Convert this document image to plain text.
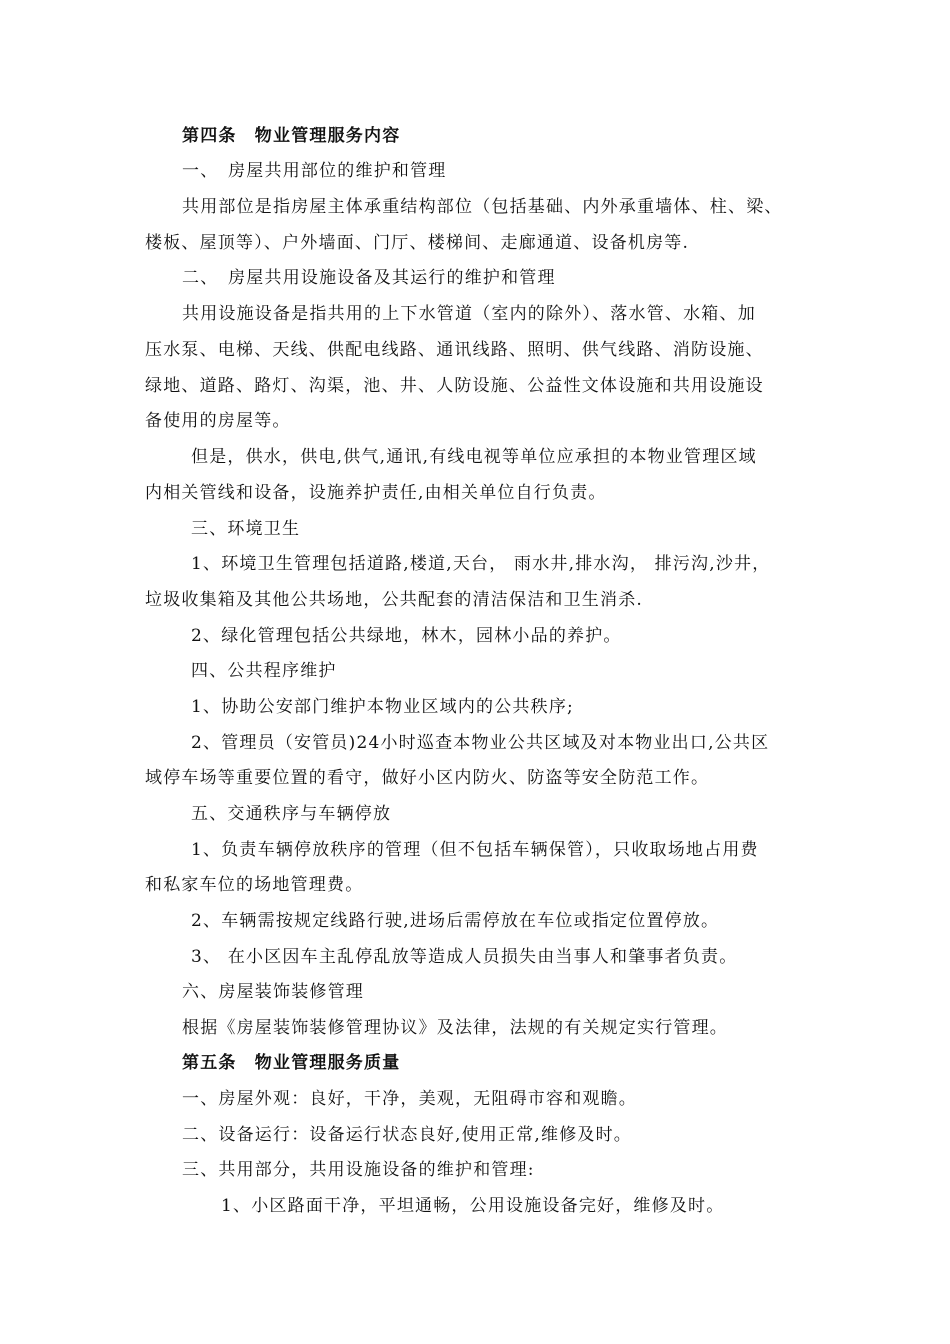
第四条　物业管理服务内容
一、　房屋共用部位的维护和管理
共用部位是指房屋主体承重结构部位（包括基础、内外承重墙体、柱、梁、
楼板、屋顶等）、户外墙面、门厅、楼梯间、走廊通道、设备机房等.
二、　房屋共用设施设备及其运行的维护和管理
共用设施设备是指共用的上下水管道（室内的除外）、落水管、水箱、加
压水泵、电梯、天线、供配电线路、通讯线路、照明、供气线路、消防设施、
绿地、道路、路灯、沟渠，池、井、人防设施、公益性文体设施和共用设施设
备使用的房屋等。
但是，供水，供电,供气,通讯,有线电视等单位应承担的本物业管理区域
内相关管线和设备，设施养护责任,由相关单位自行负责。
三、环境卫生
1、环境卫生管理包括道路,楼道,天台， 雨水井,排水沟， 排污沟,沙井，
垃圾收集箱及其他公共场地，公共配套的清洁保洁和卫生消杀.
2、绿化管理包括公共绿地，林木，园林小品的养护。
四、公共程序维护
1、协助公安部门维护本物业区域内的公共秩序;
2、管理员（安管员)24小时巡查本物业公共区域及对本物业出口,公共区
域停车场等重要位置的看守，做好小区内防火、防盗等安全防范工作。
五、交通秩序与车辆停放
1、负责车辆停放秩序的管理（但不包括车辆保管），只收取场地占用费
和私家车位的场地管理费。
2、车辆需按规定线路行驶,进场后需停放在车位或指定位置停放。
3、 在小区因车主乱停乱放等造成人员损失由当事人和肇事者负责。
六、房屋装饰装修管理
根据《房屋装饰装修管理协议》及法律，法规的有关规定实行管理。
第五条　物业管理服务质量
一、房屋外观：良好，干净，美观，无阻碍市容和观瞻。
二、设备运行：设备运行状态良好,使用正常,维修及时。
三、共用部分，共用设施设备的维护和管理:
1、小区路面干净，平坦通畅，公用设施设备完好，维修及时。
